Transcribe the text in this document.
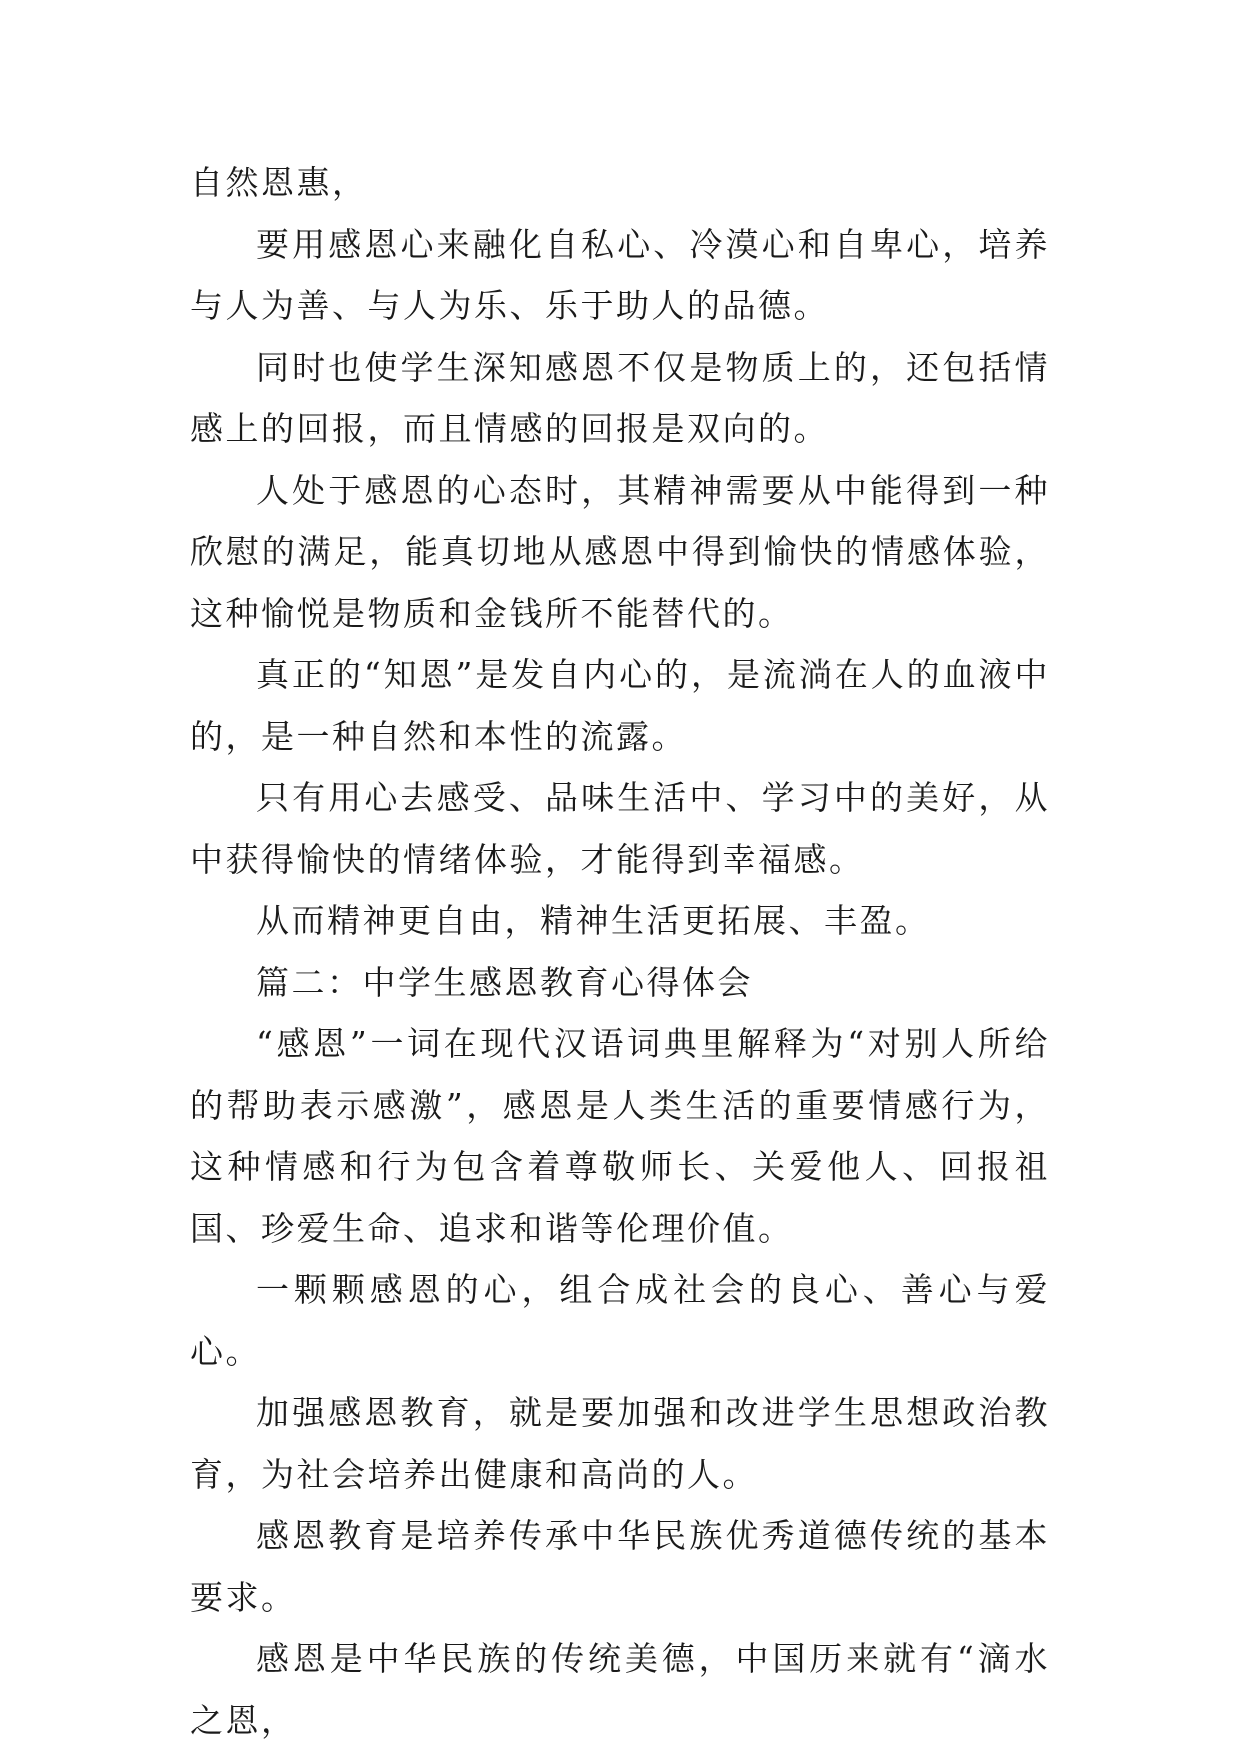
自然恩惠，

要用感恩心来融化自私心、冷漠心和自卑心，培养与人为善、与人为乐、乐于助人的品德。

同时也使学生深知感恩不仅是物质上的，还包括情感上的回报，而且情感的回报是双向的。

人处于感恩的心态时，其精神需要从中能得到一种欣慰的满足，能真切地从感恩中得到愉快的情感体验，这种愉悦是物质和金钱所不能替代的。

真正的“知恩”是发自内心的，是流淌在人的血液中的，是一种自然和本性的流露。

只有用心去感受、品味生活中、学习中的美好，从中获得愉快的情绪体验，才能得到幸福感。

从而精神更自由，精神生活更拓展、丰盈。

篇二：中学生感恩教育心得体会

“感恩”一词在现代汉语词典里解释为“对别人所给的帮助表示感激”，感恩是人类生活的重要情感行为，这种情感和行为包含着尊敬师长、关爱他人、回报祖国、珍爱生命、追求和谐等伦理价值。

一颗颗感恩的心，组合成社会的良心、善心与爱心。

加强感恩教育，就是要加强和改进学生思想政治教育，为社会培养出健康和高尚的人。

感恩教育是培养传承中华民族优秀道德传统的基本要求。

感恩是中华民族的传统美德，中国历来就有“滴水之恩，
